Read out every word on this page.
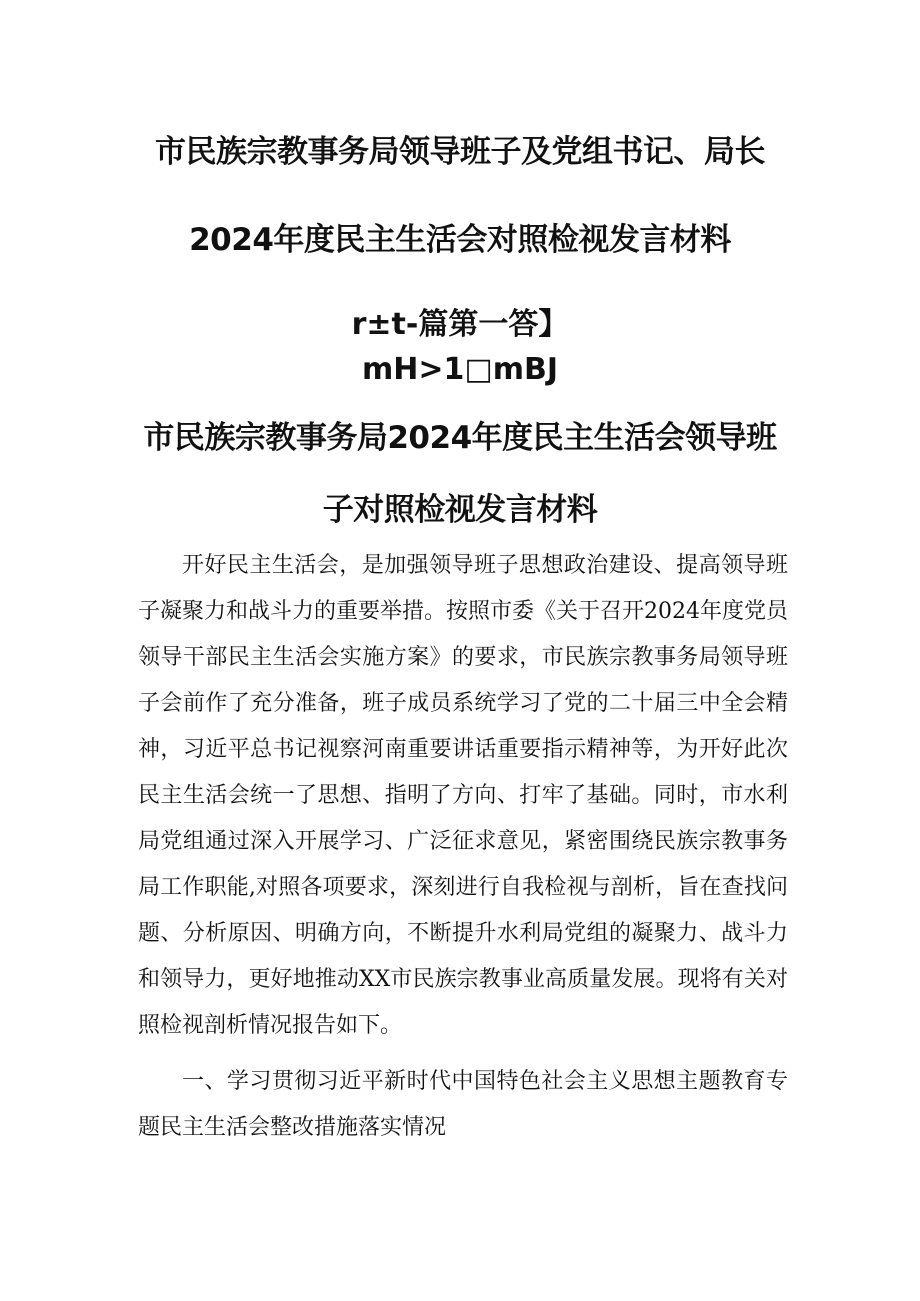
市民族宗教事务局领导班子及党组书记、局长
2024年度民主生活会对照检视发言材料
r±t-篇第一答】
mH>1□mBJ
市民族宗教事务局2024年度民主生活会领导班
子对照检视发言材料

开好民主生活会，是加强领导班子思想政治建设、提高领导班子凝聚力和战斗力的重要举措。按照市委《关于召开2024年度党员领导干部民主生活会实施方案》的要求，市民族宗教事务局领导班子会前作了充分准备，班子成员系统学习了党的二十届三中全会精神，习近平总书记视察河南重要讲话重要指示精神等，为开好此次民主生活会统一了思想、指明了方向、打牢了基础。同时，市水利局党组通过深入开展学习、广泛征求意见，紧密围绕民族宗教事务局工作职能,对照各项要求，深刻进行自我检视与剖析，旨在查找问题、分析原因、明确方向，不断提升水利局党组的凝聚力、战斗力和领导力，更好地推动XX市民族宗教事业高质量发展。现将有关对照检视剖析情况报告如下。

一、学习贯彻习近平新时代中国特色社会主义思想主题教育专题民主生活会整改措施落实情况
